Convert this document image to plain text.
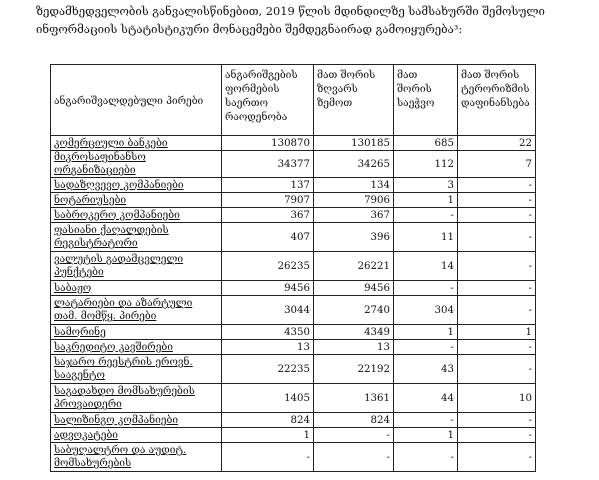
ზედამხედველობის განვალისწინებით, 2019 წლის მდინდილზე სამსახურში შემოსული ინფორმაციის სტატისტიკური მონაცემები შემდეგნაირად გამოიყურება³:
ანგარიშვალდებული პირები	ანგარიშგების ფორმების საერთო რაოდენობა	მათ შორის ზღვარს ზემოთ	მათ შორის საეჭვო	მათ შორის ტერორიზმის დაფინანსება
კომერციული ბანკები	130870	130185	685	22
მიკროსაფინანსო ორგანიზაციები	34377	34265	112	7
სადაზღვევო კომპანიები	137	134	3	-
ნოტარიუსები	7907	7906	1	-
საბროკერო კომპანიები	367	367	-	-
ფასიანი ქაღალდების რეგისტრატორი	407	396	11	-
ვალუტის გადამცვლელი პუნქტები	26235	26221	14	-
საბაჟო	9456	9456	-	-
ლატარიები და აზარტული თამ. მომწყ. პირები	3044	2740	304	-
სამორინე	4350	4349	1	1
საკრედიტო კავშირები	13	13	-	-
საჯარო რეესტრის ეროვნ. სააგენტო	22235	22192	43	-
საგადახდო მომსახურების პროვაიდერი	1405	1361	44	10
სალიზინგო კომპანიები	824	824	-	-
ადვოკატები	1	-	1	-
საბუღალტრო და აუდიტ. მომსახურების	-	-	-	-
